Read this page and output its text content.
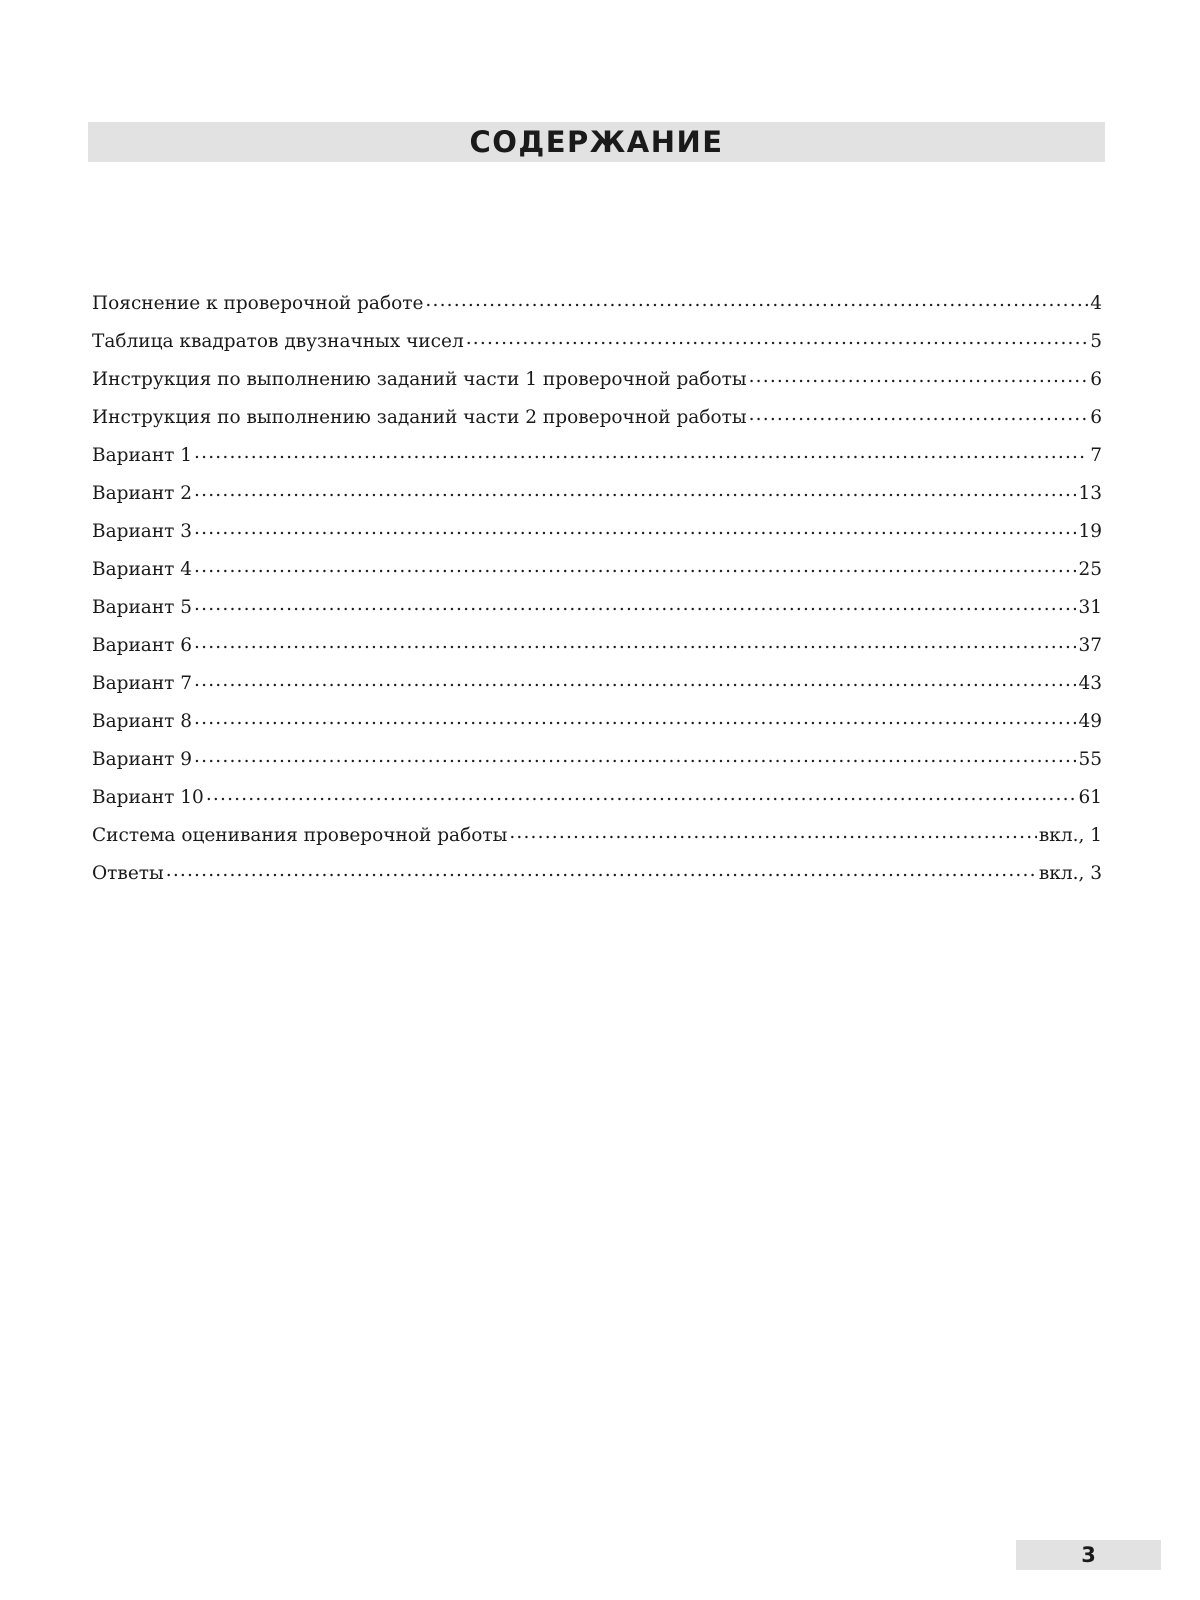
СОДЕРЖАНИЕ
Пояснение к проверочной работе .....	4
Таблица квадратов двузначных чисел .....	5
Инструкция по выполнению заданий части 1 проверочной работы .....	6
Инструкция по выполнению заданий части 2 проверочной работы .....	6
Вариант 1 .....	7
Вариант 2 .....	13
Вариант 3 .....	19
Вариант 4 .....	25
Вариант 5 .....	31
Вариант 6 .....	37
Вариант 7 .....	43
Вариант 8 .....	49
Вариант 9 .....	55
Вариант 10 .....	61
Система оценивания проверочной работы .....	вкл., 1
Ответы .....	вкл., 3
3
